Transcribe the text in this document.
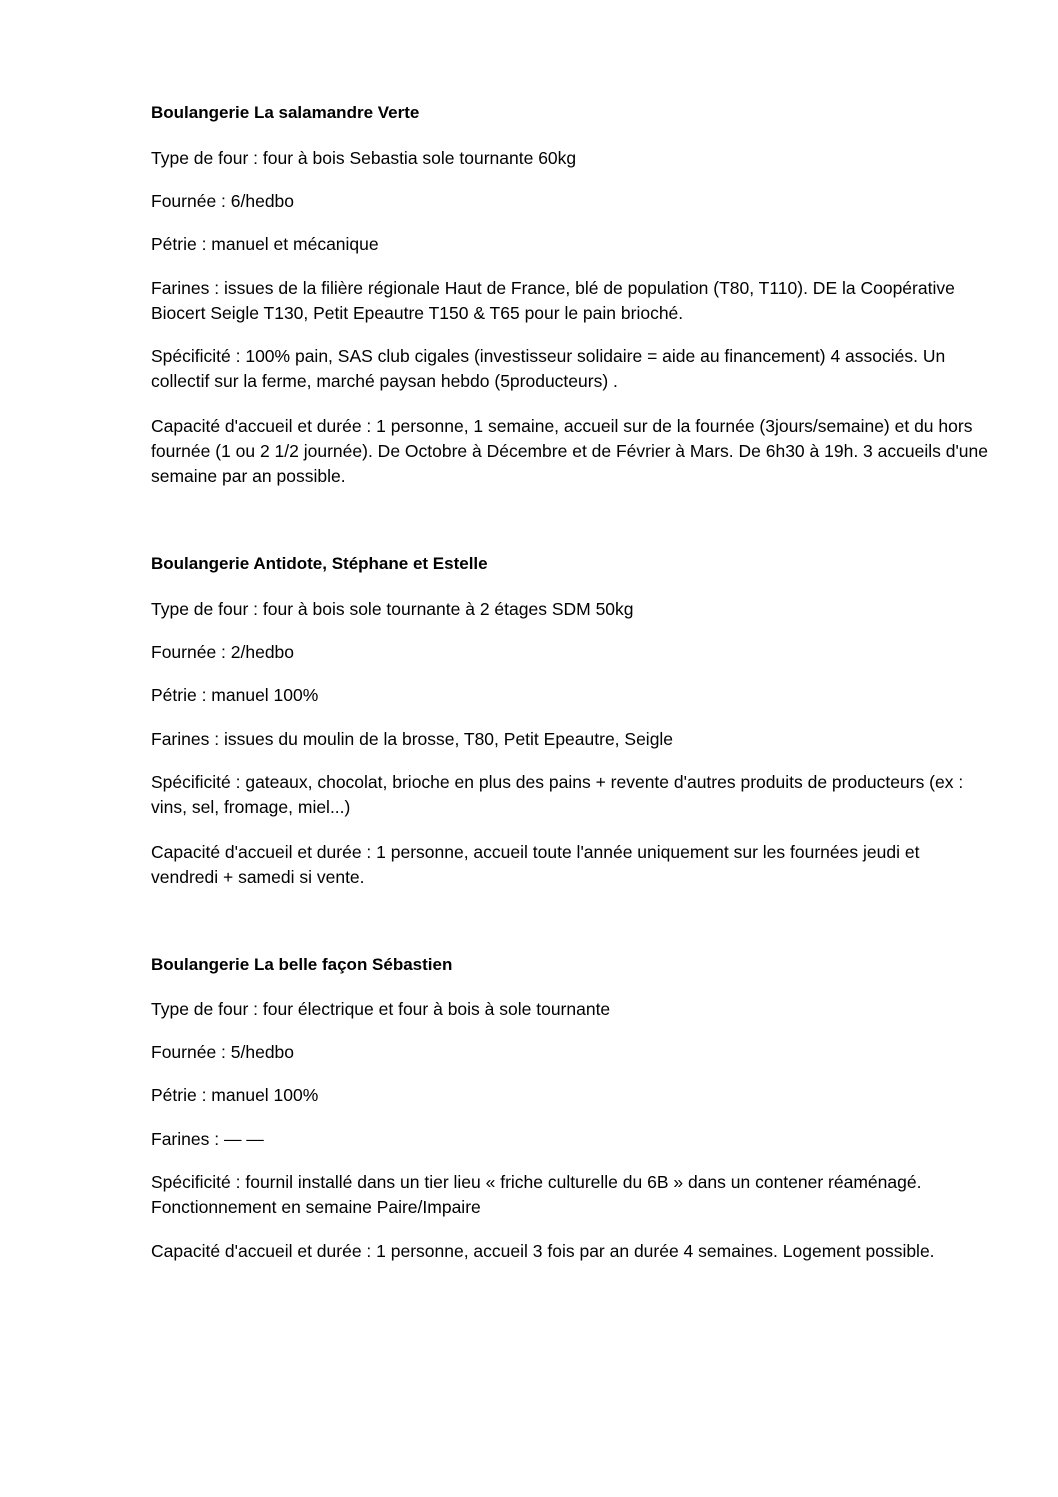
Boulangerie La salamandre Verte

Type de four : four à bois Sebastia sole tournante 60kg

Fournée : 6/hedbo

Pétrie : manuel et mécanique

Farines : issues de la filière régionale Haut de France, blé de population (T80, T110). DE la Coopérative Biocert Seigle T130, Petit Epeautre T150 & T65 pour le pain brioché.

Spécificité : 100% pain, SAS club cigales (investisseur solidaire = aide au financement) 4 associés. Un collectif sur la ferme, marché paysan hebdo (5producteurs) .

Capacité d'accueil et durée : 1 personne, 1 semaine, accueil sur de la fournée (3jours/semaine) et du hors fournée (1 ou 2 1/2 journée). De Octobre à Décembre et de Février à Mars. De 6h30 à 19h. 3 accueils d'une semaine par an possible.

Boulangerie Antidote, Stéphane et Estelle

Type de four : four à bois sole tournante à 2 étages SDM 50kg

Fournée : 2/hedbo

Pétrie : manuel 100%

Farines : issues du moulin de la brosse, T80, Petit Epeautre, Seigle

Spécificité : gateaux, chocolat, brioche en plus des pains + revente d'autres produits de producteurs (ex : vins, sel, fromage, miel...)

Capacité d'accueil et durée : 1 personne, accueil toute l'année uniquement sur les fournées jeudi et vendredi + samedi si vente.

Boulangerie La belle façon Sébastien

Type de four : four électrique et four à bois à sole tournante

Fournée : 5/hedbo

Pétrie : manuel 100%

Farines : — —

Spécificité : fournil installé dans un tier lieu « friche culturelle du 6B » dans un contener réaménagé. Fonctionnement en semaine Paire/Impaire

Capacité d'accueil et durée : 1 personne, accueil 3 fois par an durée 4 semaines. Logement possible.
